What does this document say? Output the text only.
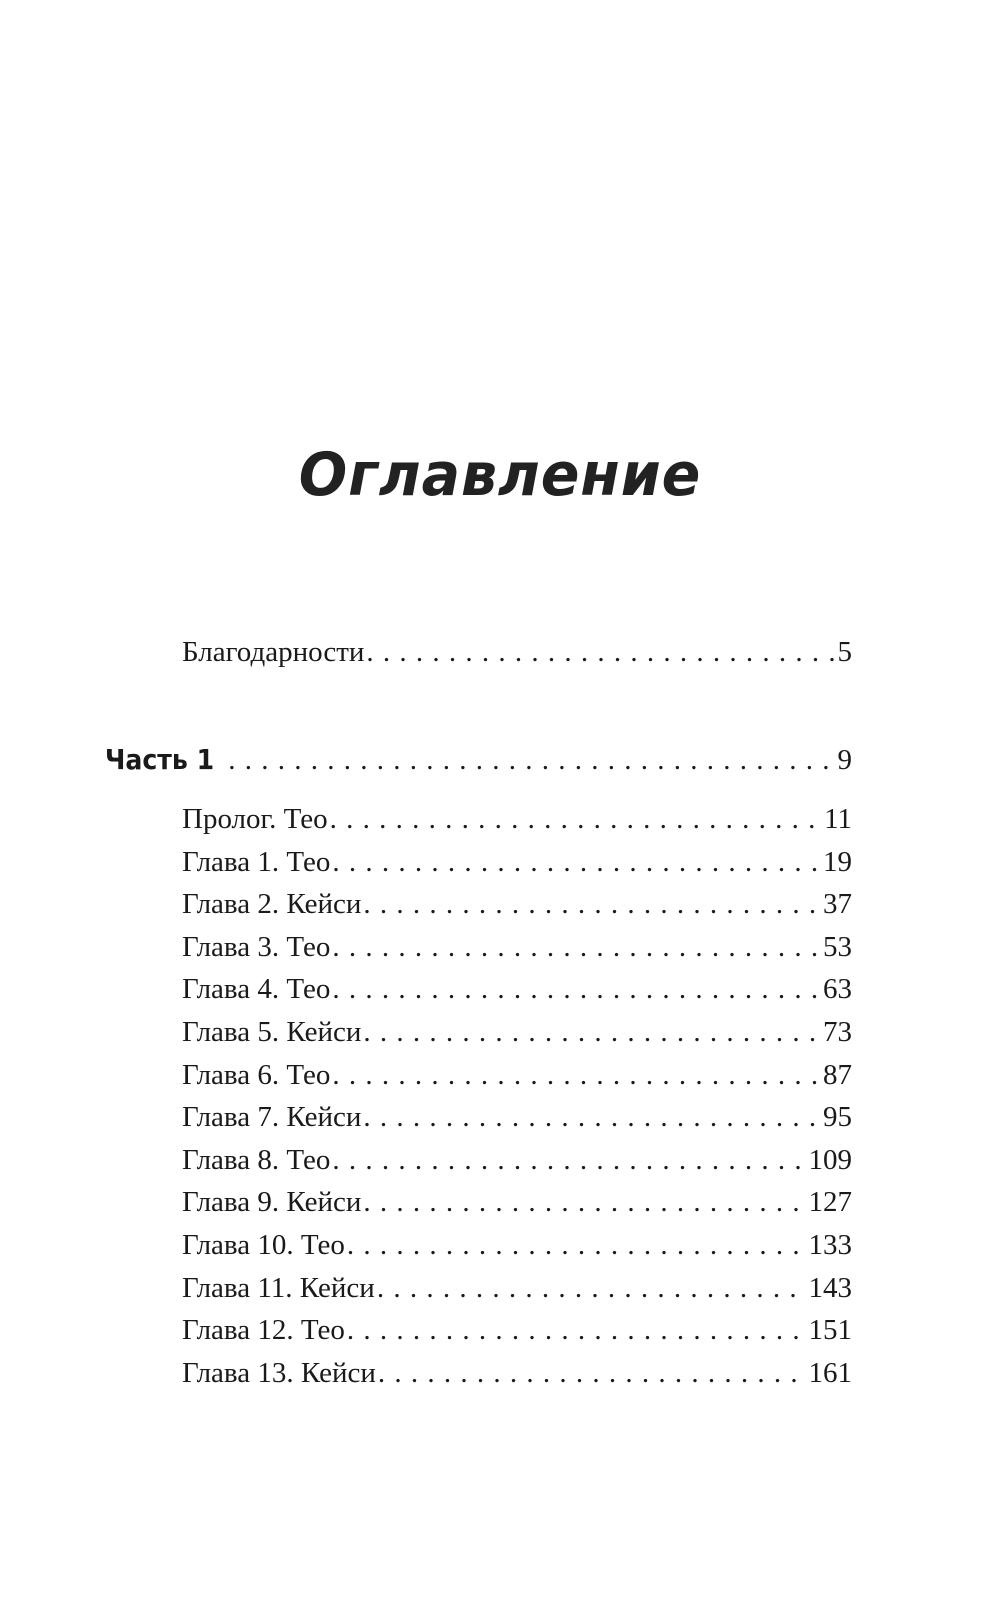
Оглавление
Благодарности . . .	5
Часть 1 . . .	9
Пролог. Тео . . .	11
Глава 1. Тео . . .	19
Глава 2. Кейси . . .	37
Глава 3. Тео . . .	53
Глава 4. Тео . . .	63
Глава 5. Кейси . . .	73
Глава 6. Тео . . .	87
Глава 7. Кейси . . .	95
Глава 8. Тео . . .	109
Глава 9. Кейси . . .	127
Глава 10. Тео . . .	133
Глава 11. Кейси . . .	143
Глава 12. Тео . . .	151
Глава 13. Кейси . . .	161
